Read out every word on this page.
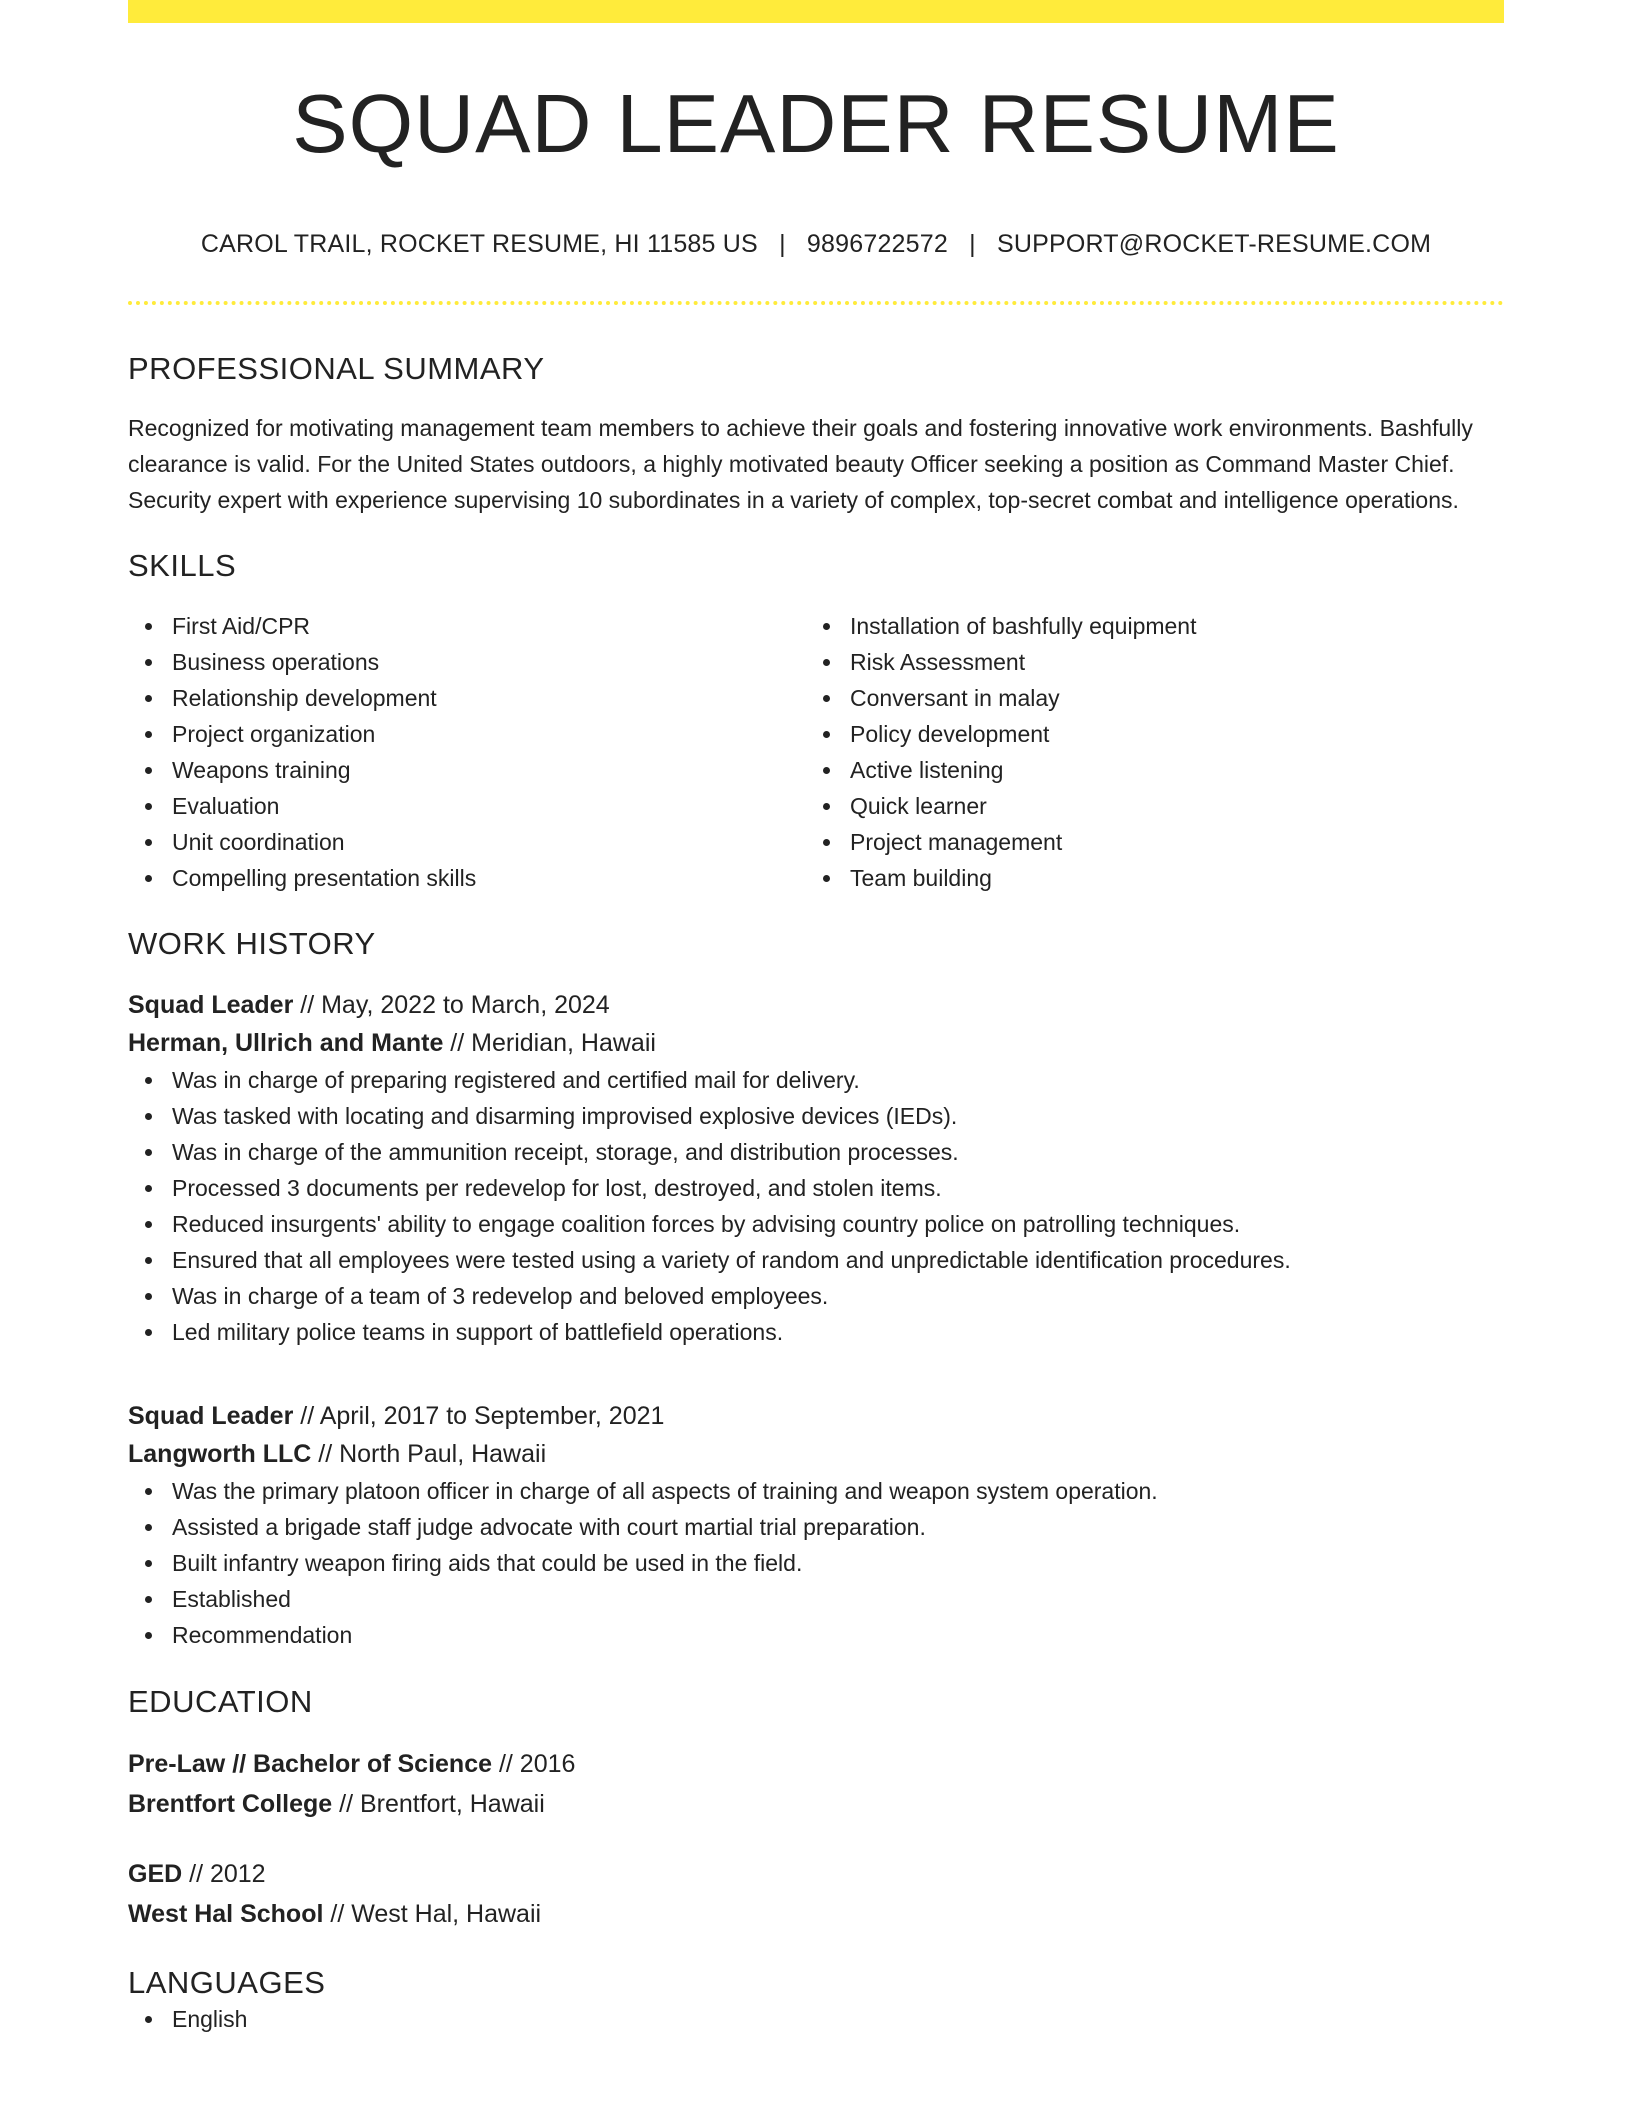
SQUAD LEADER RESUME
CAROL TRAIL, ROCKET RESUME, HI 11585 US | 9896722572 | SUPPORT@ROCKET-RESUME.COM
PROFESSIONAL SUMMARY
Recognized for motivating management team members to achieve their goals and fostering innovative work environments. Bashfully clearance is valid. For the United States outdoors, a highly motivated beauty Officer seeking a position as Command Master Chief. Security expert with experience supervising 10 subordinates in a variety of complex, top-secret combat and intelligence operations.
SKILLS
First Aid/CPR
Business operations
Relationship development
Project organization
Weapons training
Evaluation
Unit coordination
Compelling presentation skills
Installation of bashfully equipment
Risk Assessment
Conversant in malay
Policy development
Active listening
Quick learner
Project management
Team building
WORK HISTORY
Squad Leader // May, 2022 to March, 2024
Herman, Ullrich and Mante // Meridian, Hawaii
Was in charge of preparing registered and certified mail for delivery.
Was tasked with locating and disarming improvised explosive devices (IEDs).
Was in charge of the ammunition receipt, storage, and distribution processes.
Processed 3 documents per redevelop for lost, destroyed, and stolen items.
Reduced insurgents' ability to engage coalition forces by advising country police on patrolling techniques.
Ensured that all employees were tested using a variety of random and unpredictable identification procedures.
Was in charge of a team of 3 redevelop and beloved employees.
Led military police teams in support of battlefield operations.
Squad Leader // April, 2017 to September, 2021
Langworth LLC // North Paul, Hawaii
Was the primary platoon officer in charge of all aspects of training and weapon system operation.
Assisted a brigade staff judge advocate with court martial trial preparation.
Built infantry weapon firing aids that could be used in the field.
Established
Recommendation
EDUCATION
Pre-Law // Bachelor of Science // 2016
Brentfort College // Brentfort, Hawaii
GED // 2012
West Hal School // West Hal, Hawaii
LANGUAGES
English
